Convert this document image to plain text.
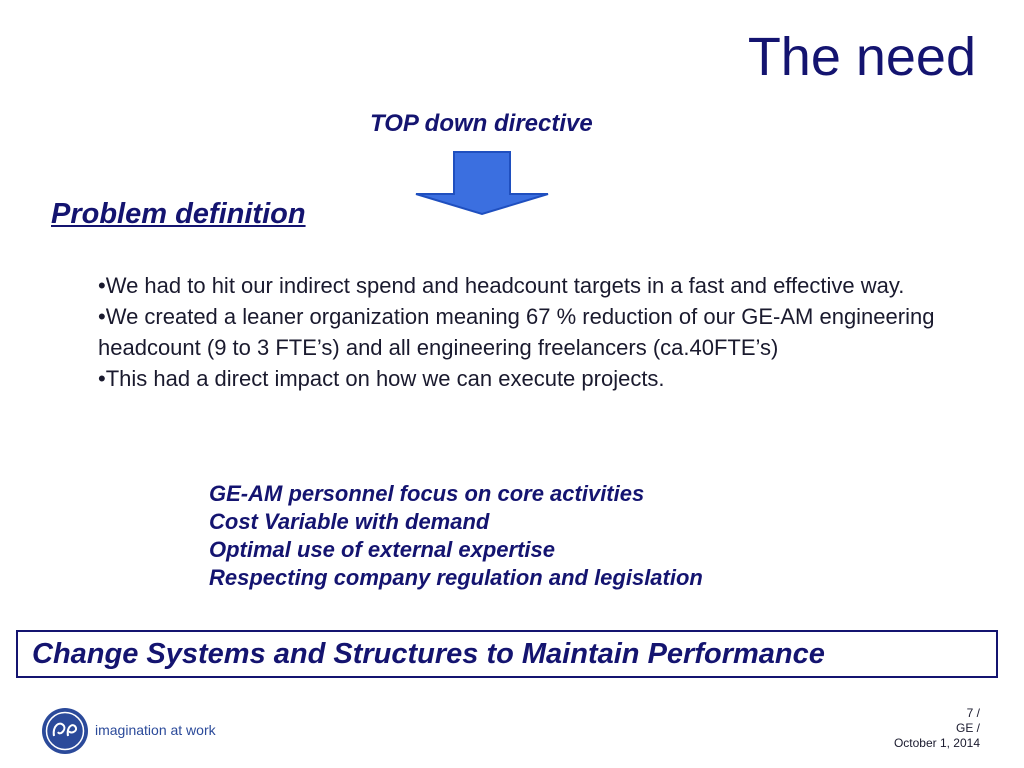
The need
TOP down directive
Problem definition

•We had to hit our indirect spend and headcount targets in a fast and effective way.

•We created a leaner organization meaning 67 % reduction of our GE-AM engineering headcount (9 to 3 FTE’s) and all engineering freelancers (ca.40FTE’s)

•This had a direct impact on how we can execute projects.

GE-AM personnel focus on core activities
Cost Variable with demand
Optimal use of external expertise
Respecting company regulation and legislation
Change Systems and Structures to Maintain Performance
imagination at work
7 /
GE /
October 1, 2014
